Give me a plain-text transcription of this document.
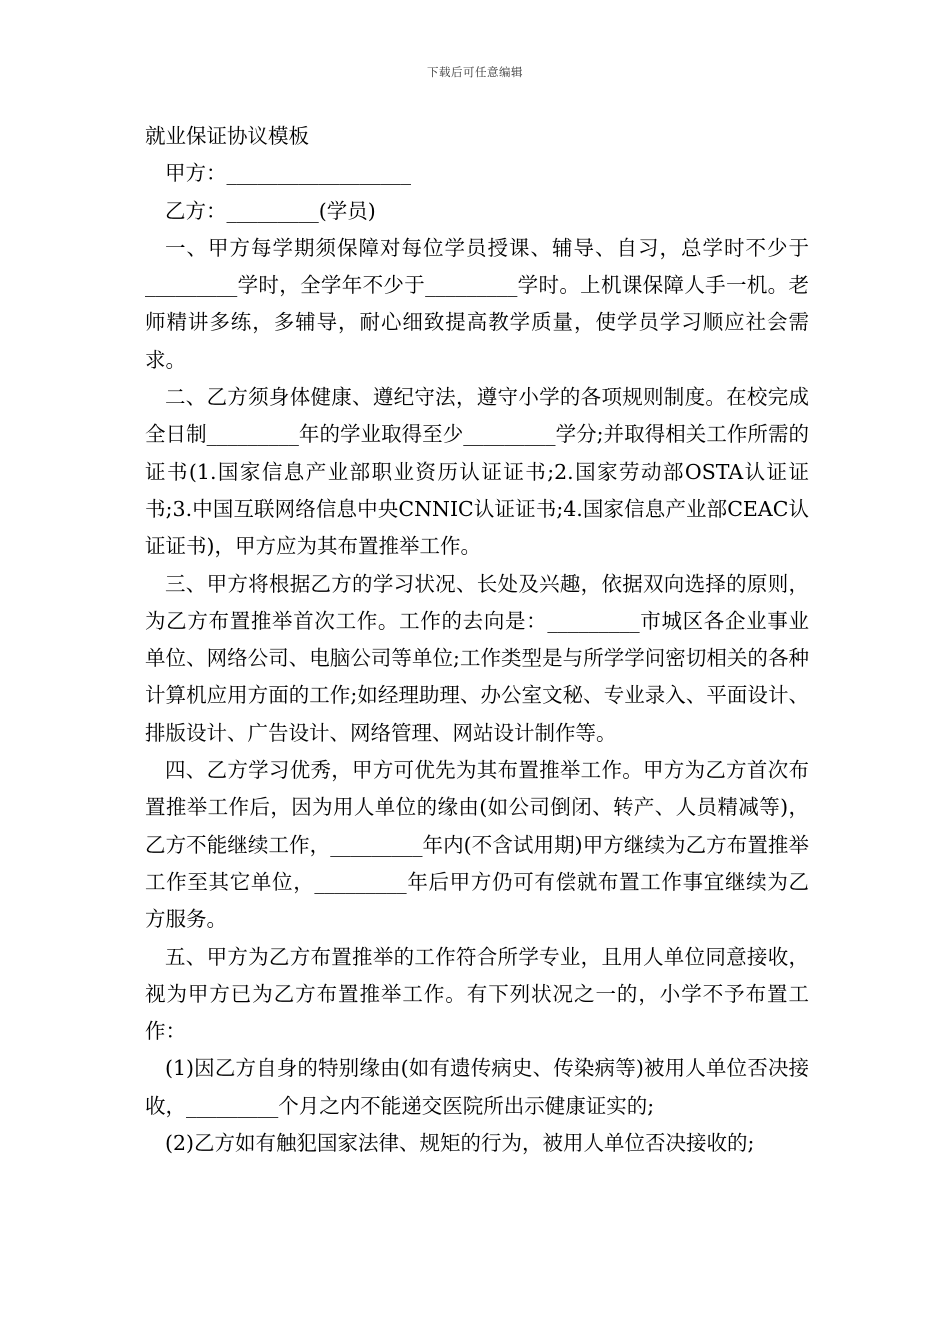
下载后可任意编辑
就业保证协议模板
甲方：__________________
乙方：_________(学员)

一、甲方每学期须保障对每位学员授课、辅导、自习，总学时不少于_________学时，全学年不少于_________学时。上机课保障人手一机。老师精讲多练，多辅导，耐心细致提高教学质量，使学员学习顺应社会需求。

二、乙方须身体健康、遵纪守法，遵守小学的各项规则制度。在校完成全日制_________年的学业取得至少_________学分;并取得相关工作所需的证书(1.国家信息产业部职业资历认证证书;2.国家劳动部OSTA认证证书;3.中国互联网络信息中央CNNIC认证证书;4.国家信息产业部CEAC认证证书)，甲方应为其布置推举工作。

三、甲方将根据乙方的学习状况、长处及兴趣，依据双向选择的原则，为乙方布置推举首次工作。工作的去向是：_________市城区各企业事业单位、网络公司、电脑公司等单位;工作类型是与所学学问密切相关的各种计算机应用方面的工作;如经理助理、办公室文秘、专业录入、平面设计、排版设计、广告设计、网络管理、网站设计制作等。

四、乙方学习优秀，甲方可优先为其布置推举工作。甲方为乙方首次布置推举工作后，因为用人单位的缘由(如公司倒闭、转产、人员精减等)，乙方不能继续工作，_________年内(不含试用期)甲方继续为乙方布置推举工作至其它单位，_________年后甲方仍可有偿就布置工作事宜继续为乙方服务。

五、甲方为乙方布置推举的工作符合所学专业，且用人单位同意接收，视为甲方已为乙方布置推举工作。有下列状况之一的，小学不予布置工作：

(1)因乙方自身的特别缘由(如有遗传病史、传染病等)被用人单位否决接收，_________个月之内不能递交医院所出示健康证实的;

(2)乙方如有触犯国家法律、规矩的行为，被用人单位否决接收的;
